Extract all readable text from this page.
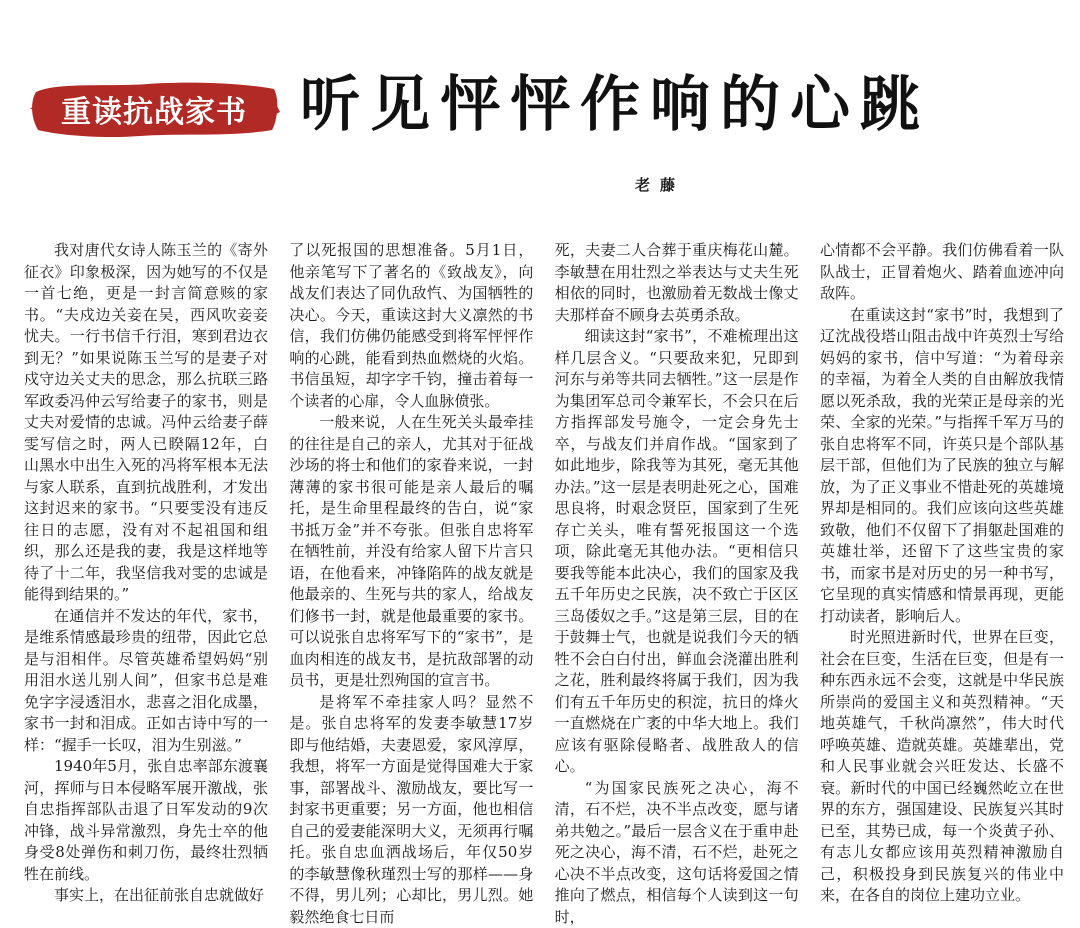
重读抗战家书 听见怦怦作响的心跳
老藤

我对唐代女诗人陈玉兰的《寄外征衣》印象极深，因为她写的不仅是一首七绝，更是一封言简意赅的家书。“夫戍边关妾在吴，西风吹妾妾忧夫。一行书信千行泪，寒到君边衣到无？”如果说陈玉兰写的是妻子对戍守边关丈夫的思念，那么抗联三路军政委冯仲云写给妻子的家书，则是丈夫对爱情的忠诚。冯仲云给妻子薛雯写信之时，两人已睽隔12年，白山黑水中出生入死的冯将军根本无法与家人联系，直到抗战胜利，才发出这封迟来的家书。“只要雯没有违反往日的志愿，没有对不起祖国和组织，那么还是我的妻，我是这样地等待了十二年，我坚信我对雯的忠诚是能得到结果的。”

在通信并不发达的年代，家书，是维系情感最珍贵的纽带，因此它总是与泪相伴。尽管英雄希望妈妈“别用泪水送儿别人间”，但家书总是难免字字浸透泪水，悲喜之泪化成墨，家书一封和泪成。正如古诗中写的一样：“握手一长叹，泪为生别滋。”

1940年5月，张自忠率部东渡襄河，挥师与日本侵略军展开激战，张自忠指挥部队击退了日军发动的9次冲锋，战斗异常激烈，身先士卒的他身受8处弹伤和刺刀伤，最终壮烈牺牲在前线。

事实上，在出征前张自忠就做好

了以死报国的思想准备。5月1日，他亲笔写下了著名的《致战友》，向战友们表达了同仇敌忾、为国牺牲的决心。今天，重读这封大义凛然的书信，我们仿佛仍能感受到将军怦怦作响的心跳，能看到热血燃烧的火焰。书信虽短，却字字千钧，撞击着每一个读者的心扉，令人血脉偾张。

一般来说，人在生死关头最牵挂的往往是自己的亲人，尤其对于征战沙场的将士和他们的家眷来说，一封薄薄的家书很可能是亲人最后的嘱托，是生命里程最终的告白，说“家书抵万金”并不夸张。但张自忠将军在牺牲前，并没有给家人留下片言只语，在他看来，冲锋陷阵的战友就是他最亲的、生死与共的家人，给战友们修书一封，就是他最重要的家书。可以说张自忠将军写下的“家书”，是血肉相连的战友书，是抗敌部署的动员书，更是壮烈殉国的宣言书。

是将军不牵挂家人吗？显然不是。张自忠将军的发妻李敏慧17岁即与他结婚，夫妻恩爱，家风淳厚，我想，将军一方面是觉得国难大于家事，部署战斗、激励战友，要比写一封家书更重要；另一方面，他也相信自己的爱妻能深明大义，无须再行嘱托。张自忠血洒战场后，年仅50岁的李敏慧像秋瑾烈士写的那样——身不得，男儿列；心却比，男儿烈。她毅然绝食七日而

死，夫妻二人合葬于重庆梅花山麓。李敏慧在用壮烈之举表达与丈夫生死相依的同时，也激励着无数战士像丈夫那样奋不顾身去英勇杀敌。

细读这封“家书”，不难梳理出这样几层含义。“只要敌来犯，兄即到河东与弟等共同去牺牲。”这一层是作为集团军总司令兼军长，不会只在后方指挥部发号施令，一定会身先士卒，与战友们并肩作战。“国家到了如此地步，除我等为其死，毫无其他办法。”这一层是表明赴死之心，国难思良将，时艰念贤臣，国家到了生死存亡关头，唯有誓死报国这一个选项，除此毫无其他办法。“更相信只要我等能本此决心，我们的国家及我五千年历史之民族，决不致亡于区区三岛倭奴之手。”这是第三层，目的在于鼓舞士气，也就是说我们今天的牺牲不会白白付出，鲜血会浇灌出胜利之花，胜利最终将属于我们，因为我们有五千年历史的积淀，抗日的烽火一直燃烧在广袤的中华大地上。我们应该有驱除侵略者、战胜敌人的信心。

“为国家民族死之决心，海不清，石不烂，决不半点改变，愿与诸弟共勉之。”最后一层含义在于重申赴死之决心，海不清，石不烂，赴死之心决不半点改变，这句话将爱国之情推向了燃点，相信每个人读到这一句时，

心情都不会平静。我们仿佛看着一队队战士，正冒着炮火、踏着血迹冲向敌阵。

在重读这封“家书”时，我想到了辽沈战役塔山阻击战中许英烈士写给妈妈的家书，信中写道：“为着母亲的幸福，为着全人类的自由解放我情愿以死杀敌，我的光荣正是母亲的光荣、全家的光荣。”与指挥千军万马的张自忠将军不同，许英只是个部队基层干部，但他们为了民族的独立与解放，为了正义事业不惜赴死的英雄境界却是相同的。我们应该向这些英雄致敬，他们不仅留下了捐躯赴国难的英雄壮举，还留下了这些宝贵的家书，而家书是对历史的另一种书写，它呈现的真实情感和情景再现，更能打动读者，影响后人。

时光照进新时代，世界在巨变，社会在巨变，生活在巨变，但是有一种东西永远不会变，这就是中华民族所崇尚的爱国主义和英烈精神。“天地英雄气，千秋尚凛然”，伟大时代呼唤英雄、造就英雄。英雄辈出，党和人民事业就会兴旺发达、长盛不衰。新时代的中国已经巍然屹立在世界的东方，强国建设、民族复兴其时已至，其势已成，每一个炎黄子孙、有志儿女都应该用英烈精神激励自己，积极投身到民族复兴的伟业中来，在各自的岗位上建功立业。
